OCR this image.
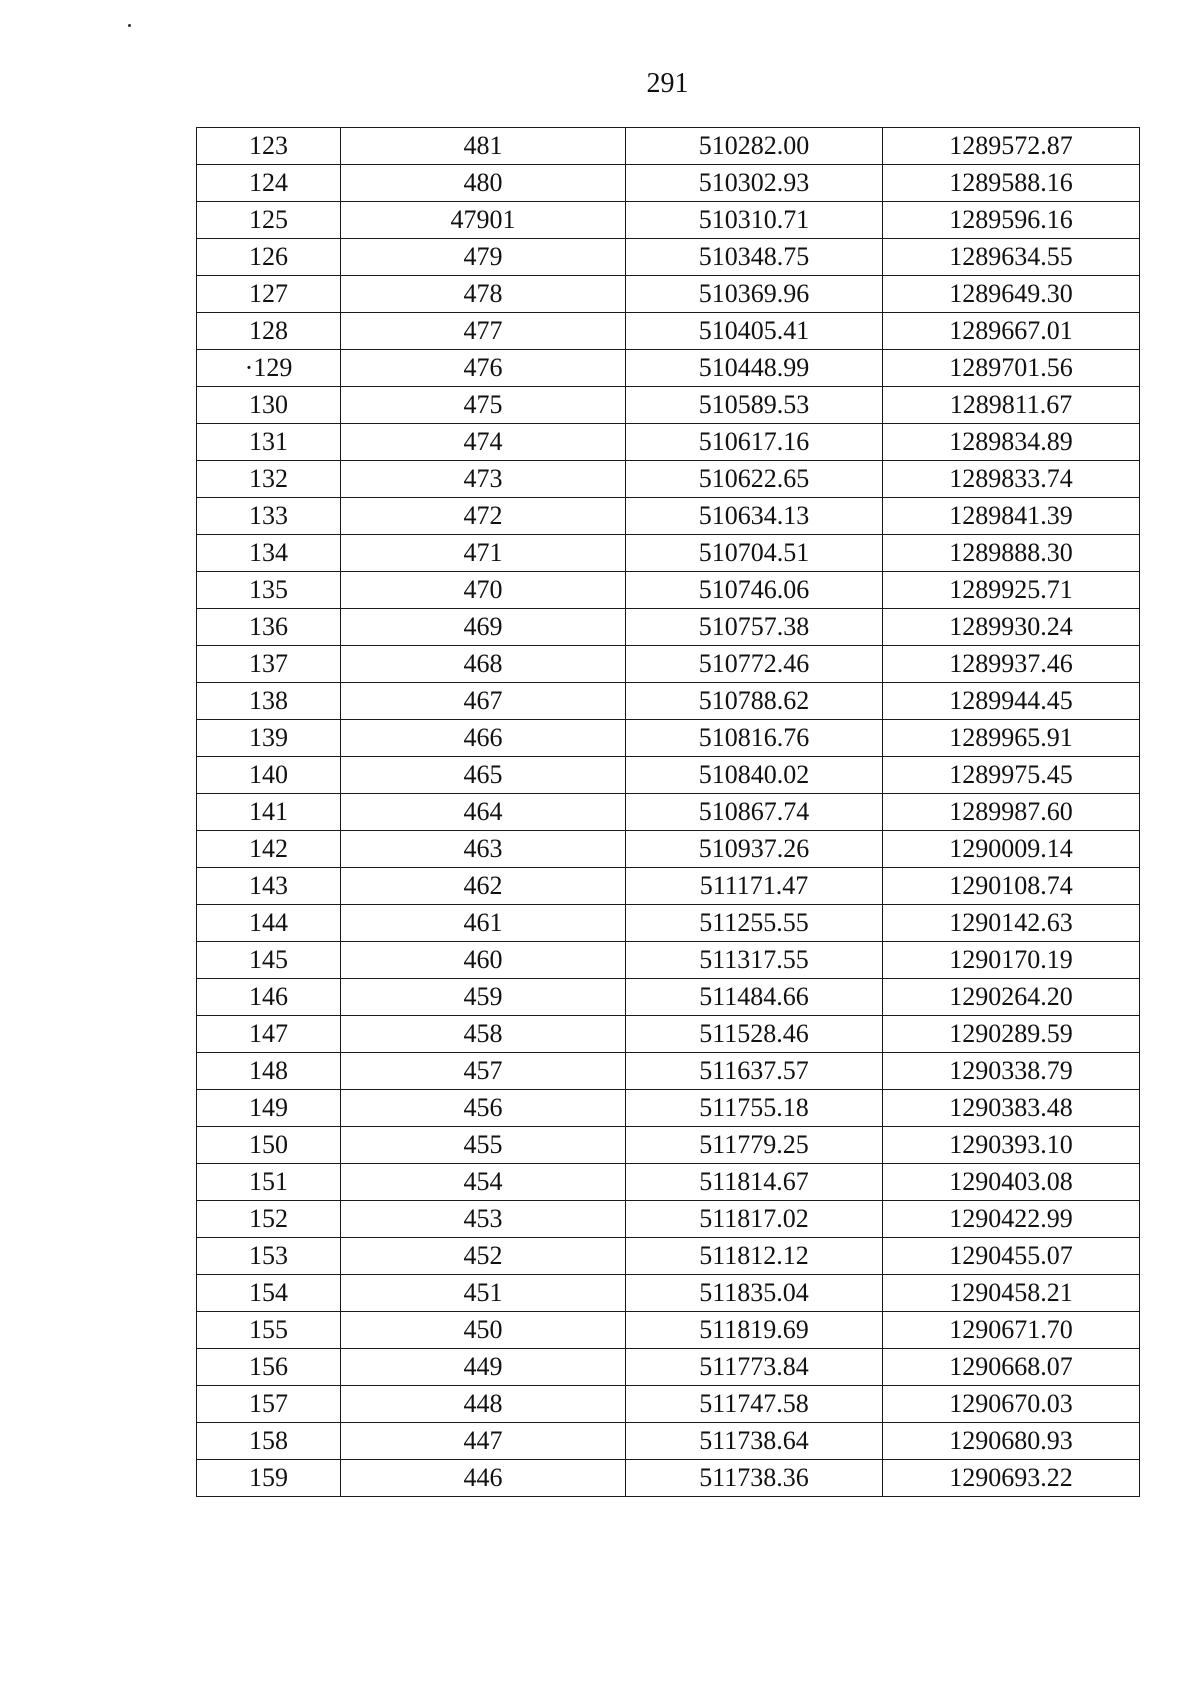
291
123	481	510282.00	1289572.87
124	480	510302.93	1289588.16
125	47901	510310.71	1289596.16
126	479	510348.75	1289634.55
127	478	510369.96	1289649.30
128	477	510405.41	1289667.01
·129	476	510448.99	1289701.56
130	475	510589.53	1289811.67
131	474	510617.16	1289834.89
132	473	510622.65	1289833.74
133	472	510634.13	1289841.39
134	471	510704.51	1289888.30
135	470	510746.06	1289925.71
136	469	510757.38	1289930.24
137	468	510772.46	1289937.46
138	467	510788.62	1289944.45
139	466	510816.76	1289965.91
140	465	510840.02	1289975.45
141	464	510867.74	1289987.60
142	463	510937.26	1290009.14
143	462	511171.47	1290108.74
144	461	511255.55	1290142.63
145	460	511317.55	1290170.19
146	459	511484.66	1290264.20
147	458	511528.46	1290289.59
148	457	511637.57	1290338.79
149	456	511755.18	1290383.48
150	455	511779.25	1290393.10
151	454	511814.67	1290403.08
152	453	511817.02	1290422.99
153	452	511812.12	1290455.07
154	451	511835.04	1290458.21
155	450	511819.69	1290671.70
156	449	511773.84	1290668.07
157	448	511747.58	1290670.03
158	447	511738.64	1290680.93
159	446	511738.36	1290693.22
